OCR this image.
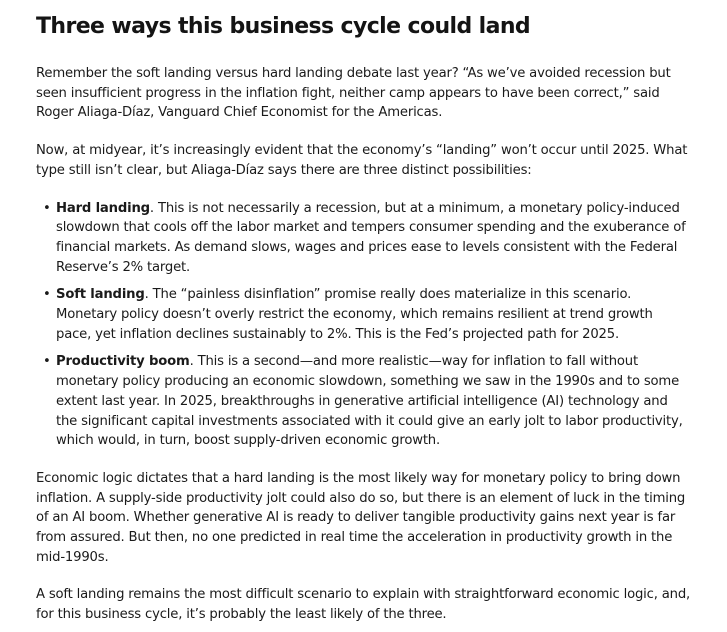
Three ways this business cycle could land

Remember the soft landing versus hard landing debate last year? “As we’ve avoided recession but seen insufficient progress in the inflation fight, neither camp appears to have been correct,” said Roger Aliaga-Díaz, Vanguard Chief Economist for the Americas.

Now, at midyear, it’s increasingly evident that the economy’s “landing” won’t occur until 2025. What type still isn’t clear, but Aliaga-Díaz says there are three distinct possibilities:

• Hard landing. This is not necessarily a recession, but at a minimum, a monetary policy-induced slowdown that cools off the labor market and tempers consumer spending and the exuberance of financial markets. As demand slows, wages and prices ease to levels consistent with the Federal Reserve’s 2% target.
• Soft landing. The “painless disinflation” promise really does materialize in this scenario. Monetary policy doesn’t overly restrict the economy, which remains resilient at trend growth pace, yet inflation declines sustainably to 2%. This is the Fed’s projected path for 2025.
• Productivity boom. This is a second—and more realistic—way for inflation to fall without monetary policy producing an economic slowdown, something we saw in the 1990s and to some extent last year. In 2025, breakthroughs in generative artificial intelligence (AI) technology and the significant capital investments associated with it could give an early jolt to labor productivity, which would, in turn, boost supply-driven economic growth.

Economic logic dictates that a hard landing is the most likely way for monetary policy to bring down inflation. A supply-side productivity jolt could also do so, but there is an element of luck in the timing of an AI boom. Whether generative AI is ready to deliver tangible productivity gains next year is far from assured. But then, no one predicted in real time the acceleration in productivity growth in the mid-1990s.

A soft landing remains the most difficult scenario to explain with straightforward economic logic, and, for this business cycle, it’s probably the least likely of the three.
